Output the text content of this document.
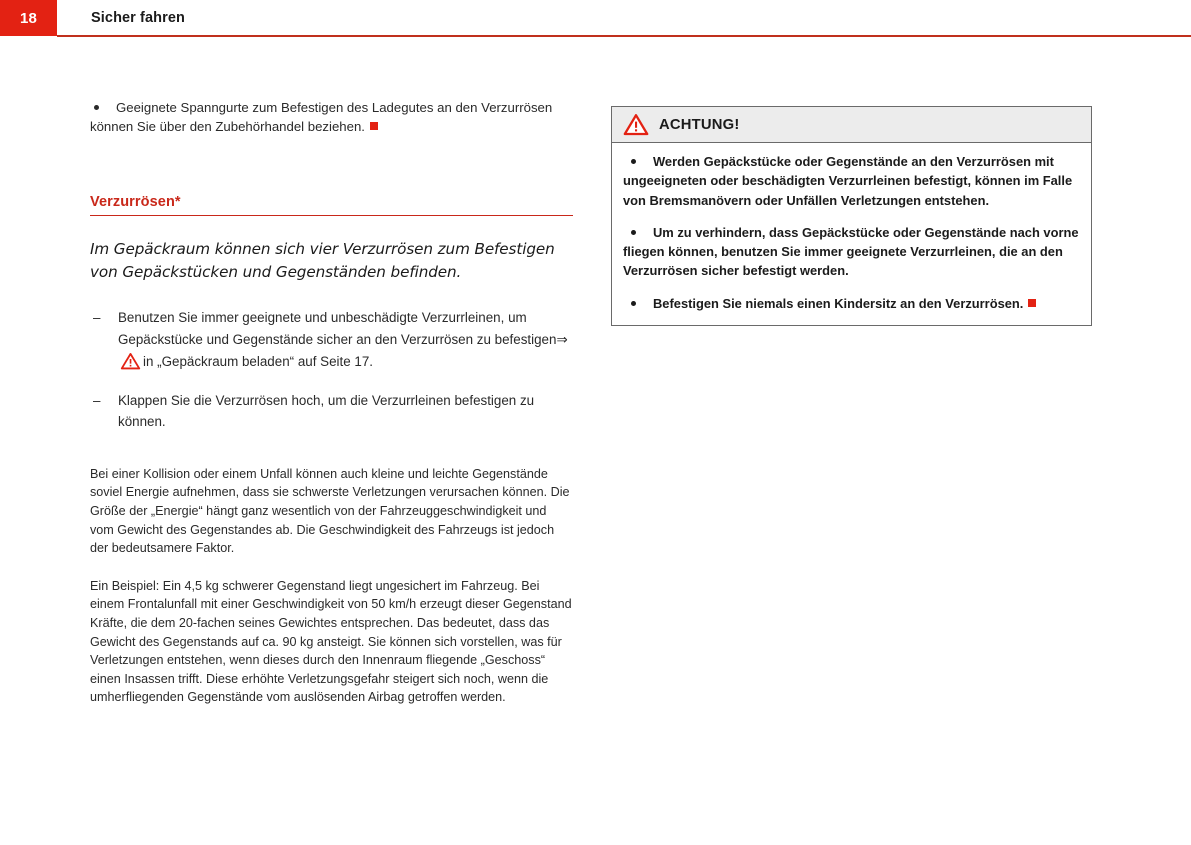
18	Sicher fahren
Geeignete Spanngurte zum Befestigen des Ladegutes an den Verzurrösen können Sie über den Zubehörhandel beziehen.
Verzurrösen*
Im Gepäckraum können sich vier Verzurrösen zum Befestigen von Gepäckstücken und Gegenständen befinden.
– Benutzen Sie immer geeignete und unbeschädigte Verzurrleinen, um Gepäckstücke und Gegenstände sicher an den Verzurrösen zu befestigen⇒in „Gepäckraum beladen“ auf Seite 17.
– Klappen Sie die Verzurrösen hoch, um die Verzurrleinen befestigen zu können.

Bei einer Kollision oder einem Unfall können auch kleine und leichte Gegenstände soviel Energie aufnehmen, dass sie schwerste Verletzungen verursachen können. Die Größe der „Energie“ hängt ganz wesentlich von der Fahrzeuggeschwindigkeit und vom Gewicht des Gegenstandes ab. Die Geschwindigkeit des Fahrzeugs ist jedoch der bedeutsamere Faktor.

Ein Beispiel: Ein 4,5 kg schwerer Gegenstand liegt ungesichert im Fahrzeug. Bei einem Frontalunfall mit einer Geschwindigkeit von 50 km/h erzeugt dieser Gegenstand Kräfte, die dem 20-fachen seines Gewichtes entsprechen. Das bedeutet, dass das Gewicht des Gegenstands auf ca. 90 kg ansteigt. Sie können sich vorstellen, was für Verletzungen entstehen, wenn dieses durch den Innenraum fliegende „Geschoss“ einen Insassen trifft. Diese erhöhte Verletzungsgefahr steigert sich noch, wenn die umherfliegenden Gegenstände vom auslösenden Airbag getroffen werden.

ACHTUNG!
Werden Gepäckstücke oder Gegenstände an den Verzurrösen mit ungeeigneten oder beschädigten Verzurrleinen befestigt, können im Falle von Bremsmanövern oder Unfällen Verletzungen entstehen.
Um zu verhindern, dass Gepäckstücke oder Gegenstände nach vorne fliegen können, benutzen Sie immer geeignete Verzurrleinen, die an den Verzurrösen sicher befestigt werden.
Befestigen Sie niemals einen Kindersitz an den Verzurrösen.
